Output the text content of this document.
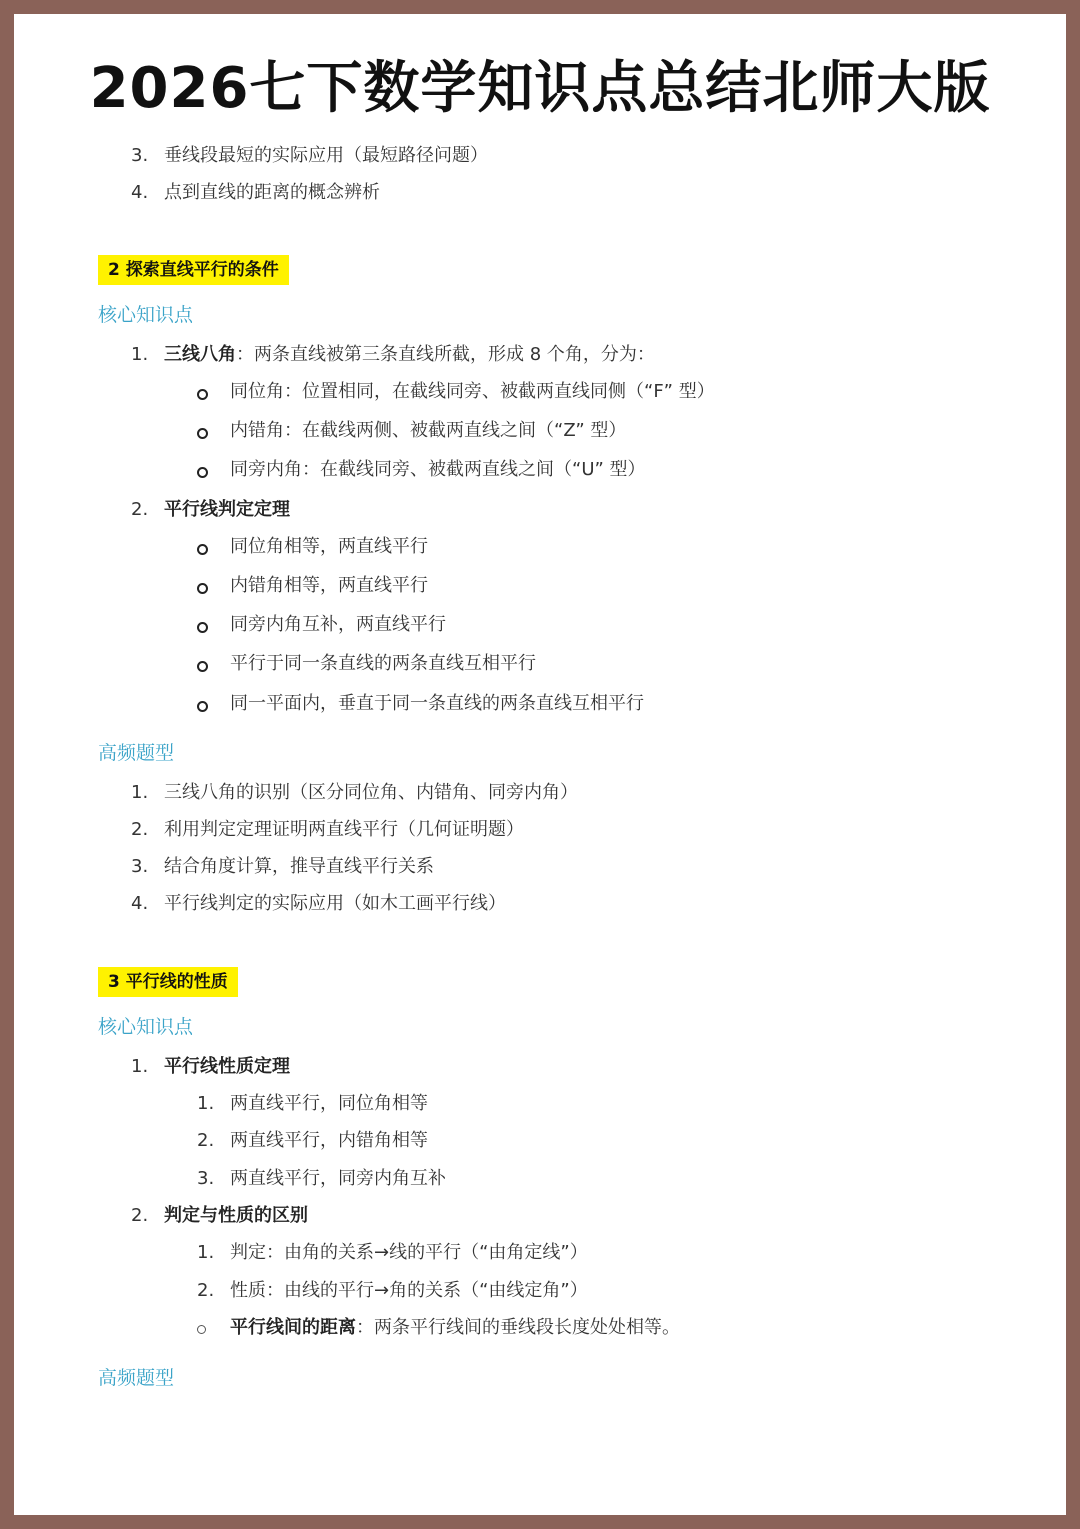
2026七下数学知识点总结北师大版
3. 垂线段最短的实际应用（最短路径问题）
4. 点到直线的距离的概念辨析
2 探索直线平行的条件
核心知识点
1. 三线八角：两条直线被第三条直线所截，形成 8 个角，分为：
同位角：位置相同，在截线同旁、被截两直线同侧（“F” 型）
内错角：在截线两侧、被截两直线之间（“Z” 型）
同旁内角：在截线同旁、被截两直线之间（“U” 型）
2. 平行线判定定理
同位角相等，两直线平行
内错角相等，两直线平行
同旁内角互补，两直线平行
平行于同一条直线的两条直线互相平行
同一平面内，垂直于同一条直线的两条直线互相平行
高频题型
1. 三线八角的识别（区分同位角、内错角、同旁内角）
2. 利用判定定理证明两直线平行（几何证明题）
3. 结合角度计算，推导直线平行关系
4. 平行线判定的实际应用（如木工画平行线）
3 平行线的性质
核心知识点
1. 平行线性质定理
1. 两直线平行，同位角相等
2. 两直线平行，内错角相等
3. 两直线平行，同旁内角互补
2. 判定与性质的区别
1. 判定：由角的关系→线的平行（“由角定线”）
2. 性质：由线的平行→角的关系（“由线定角”）
平行线间的距离：两条平行线间的垂线段长度处处相等。
高频题型
